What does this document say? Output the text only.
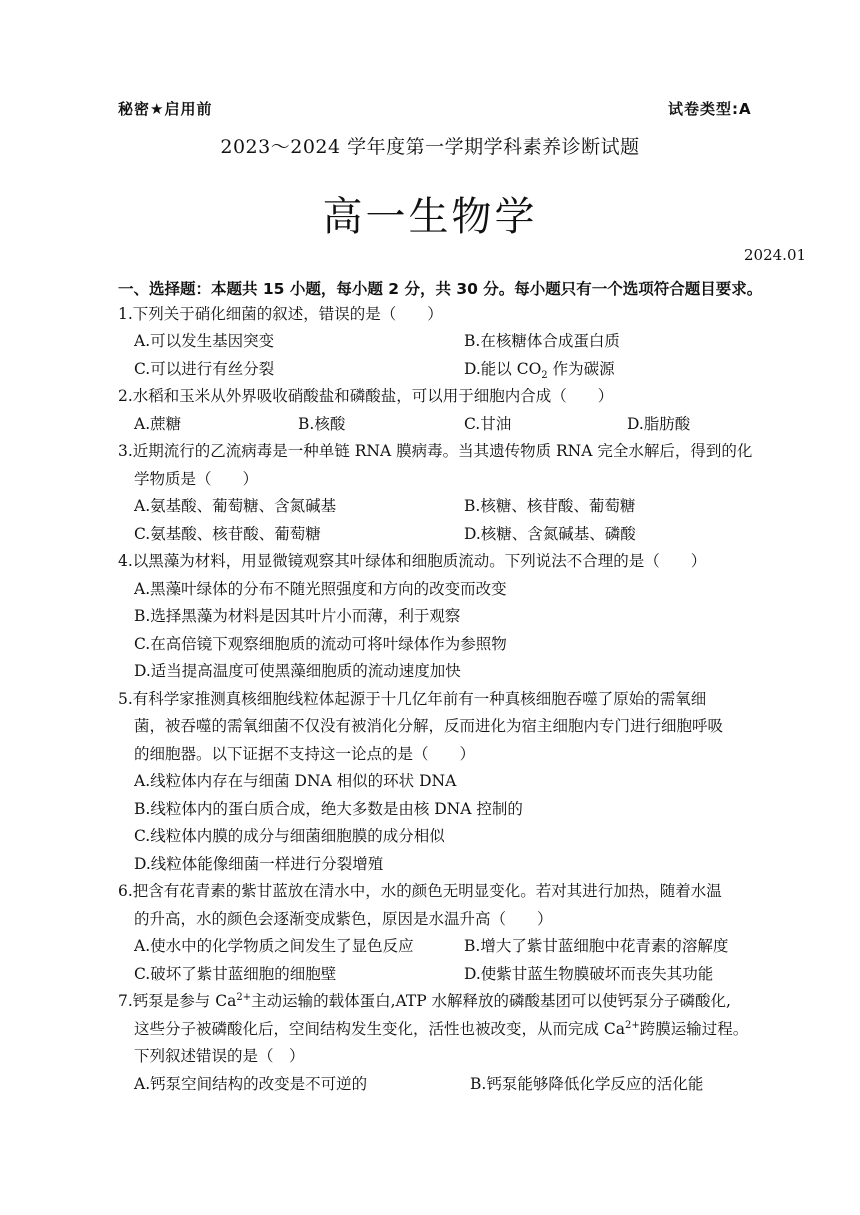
秘密★启用前	试卷类型:A
2023～2024 学年度第一学期学科素养诊断试题
高一生物学
2024.01
一、选择题：本题共 15 小题，每小题 2 分，共 30 分。每小题只有一个选项符合题目要求。
1.下列关于硝化细菌的叙述，错误的是（　　）
A.可以发生基因突变	B.在核糖体合成蛋白质
C.可以进行有丝分裂	D.能以 $CO_2$ 作为碳源
2.水稻和玉米从外界吸收硝酸盐和磷酸盐，可以用于细胞内合成（　　）
A.蔗糖	B.核酸	C.甘油	D.脂肪酸
3.近期流行的乙流病毒是一种单链 RNA 膜病毒。当其遗传物质 RNA 完全水解后，得到的化
学物质是（　　）
A.氨基酸、葡萄糖、含氮碱基	B.核糖、核苷酸、葡萄糖
C.氨基酸、核苷酸、葡萄糖	D.核糖、含氮碱基、磷酸
4.以黑藻为材料，用显微镜观察其叶绿体和细胞质流动。下列说法不合理的是（　　）
A.黑藻叶绿体的分布不随光照强度和方向的改变而改变
B.选择黑藻为材料是因其叶片小而薄，利于观察
C.在高倍镜下观察细胞质的流动可将叶绿体作为参照物
D.适当提高温度可使黑藻细胞质的流动速度加快
5.有科学家推测真核细胞线粒体起源于十几亿年前有一种真核细胞吞噬了原始的需氧细
菌，被吞噬的需氧细菌不仅没有被消化分解，反而进化为宿主细胞内专门进行细胞呼吸
的细胞器。以下证据不支持这一论点的是（　　）
A.线粒体内存在与细菌 DNA 相似的环状 DNA
B.线粒体内的蛋白质合成，绝大多数是由核 DNA 控制的
C.线粒体内膜的成分与细菌细胞膜的成分相似
D.线粒体能像细菌一样进行分裂增殖
6.把含有花青素的紫甘蓝放在清水中，水的颜色无明显变化。若对其进行加热，随着水温
的升高，水的颜色会逐渐变成紫色，原因是水温升高（　　）
A.使水中的化学物质之间发生了显色反应	B.增大了紫甘蓝细胞中花青素的溶解度
C.破坏了紫甘蓝细胞的细胞壁	D.使紫甘蓝生物膜破坏而丧失其功能
7.钙泵是参与 $Ca^{2+}$主动运输的载体蛋白,ATP 水解释放的磷酸基团可以使钙泵分子磷酸化,
这些分子被磷酸化后，空间结构发生变化，活性也被改变，从而完成 $Ca^{2+}$跨膜运输过程。
下列叙述错误的是（　）
A.钙泵空间结构的改变是不可逆的	B.钙泵能够降低化学反应的活化能
